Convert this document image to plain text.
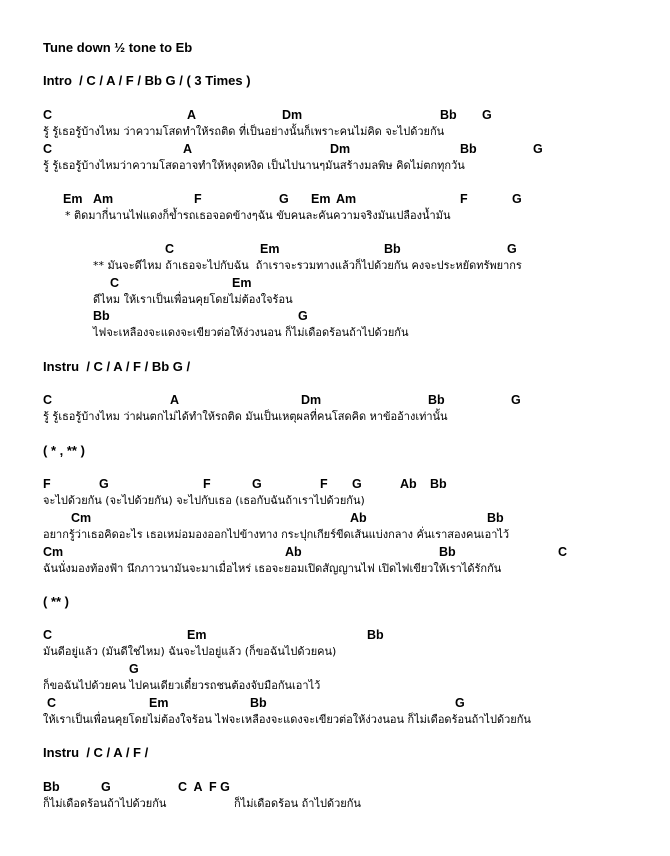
Tune down ½ tone to Eb
Intro  / C / A / F / Bb G / ( 3 Times )
C	A	Dm	Bb G
รู้ รู้เธอรู้บ้างไหม ว่าความโสดทำให้รถติด ที่เป็นอย่างนั้นก็เพราะคนไม่คิด จะไปด้วยกัน
C	A	Dm	Bb	G
รู้ รู้เธอรู้บ้างไหมว่าความโสดอาจทำให้หงุดหงิด เป็นไปนานๆมันสร้างมลพิษ คิดไม่ตกทุกวัน
Em Am	F	G Em Am	F	G
* ติดมากี่นานไฟแดงก็ข้ำรถเธอจอดข้างๆฉัน ขับคนละคันความจริงมันเปลืองน้ำมัน
C	Em	Bb	G
** มันจะดีไหม ถ้าเธอจะไปกับฉัน  ถ้าเราจะรวมทางแล้วก็ไปด้วยกัน คงจะประหยัดทรัพยากร
C	Em
ดีไหม ให้เราเป็นเพื่อนคุยโดยไม่ต้องใจร้อน
Bb	G
ไฟจะเหลืองจะแดงจะเขียวต่อให้ง่วงนอน ก็ไม่เดือดร้อนถ้าไปด้วยกัน
Instru  / C / A / F / Bb G /
C	A	Dm	Bb	G
รู้ รู้เธอรู้บ้างไหม ว่าฝนตกไม่ได้ทำให้รถติด มันเป็นเหตุผลที่คนโสดคิด หาข้ออ้างเท่านั้น
( * , ** )
F	G	F	G	F G	Ab Bb
จะไปด้วยกัน (จะไปด้วยกัน) จะไปกับเธอ (เธอกับฉันถ้าเราไปด้วยกัน)
Cm	Ab	Bb
อยากรู้ว่าเธอคิดอะไร เธอเหม่อมองออกไปข้างทาง กระปุกเกียร์ขีดเส้นแบ่งกลาง คั่นเราสองคนเอาไว้
Cm	Ab	Bb	C
ฉันนั่งมองท้องฟ้า นึกภาวนามันจะมาเมื่อไหร่ เธอจะยอมเปิดสัญญานไฟ เปิดไฟเขียวให้เราได้รักกัน
( ** )
C	Em	Bb
มันดีอยู่แล้ว (มันดีใช่ไหม) ฉันจะไปอยู่แล้ว (ก็ขอฉันไปด้วยคน)
G
ก็ขอฉันไปด้วยคน ไปคนเดียวเดี๋ยวรถชนต้องจับมือกันเอาไว้
C	Em	Bb	G
ให้เราเป็นเพื่อนคุยโดยไม่ต้องใจร้อน ไฟจะเหลืองจะแดงจะเขียวต่อให้ง่วงนอน ก็ไม่เดือดร้อนถ้าไปด้วยกัน
Instru  / C / A / F /
Bb	G	C  A  F G
ก็ไม่เดือดร้อนถ้าไปด้วยกัน	ก็ไม่เดือดร้อน ถ้าไปด้วยกัน
